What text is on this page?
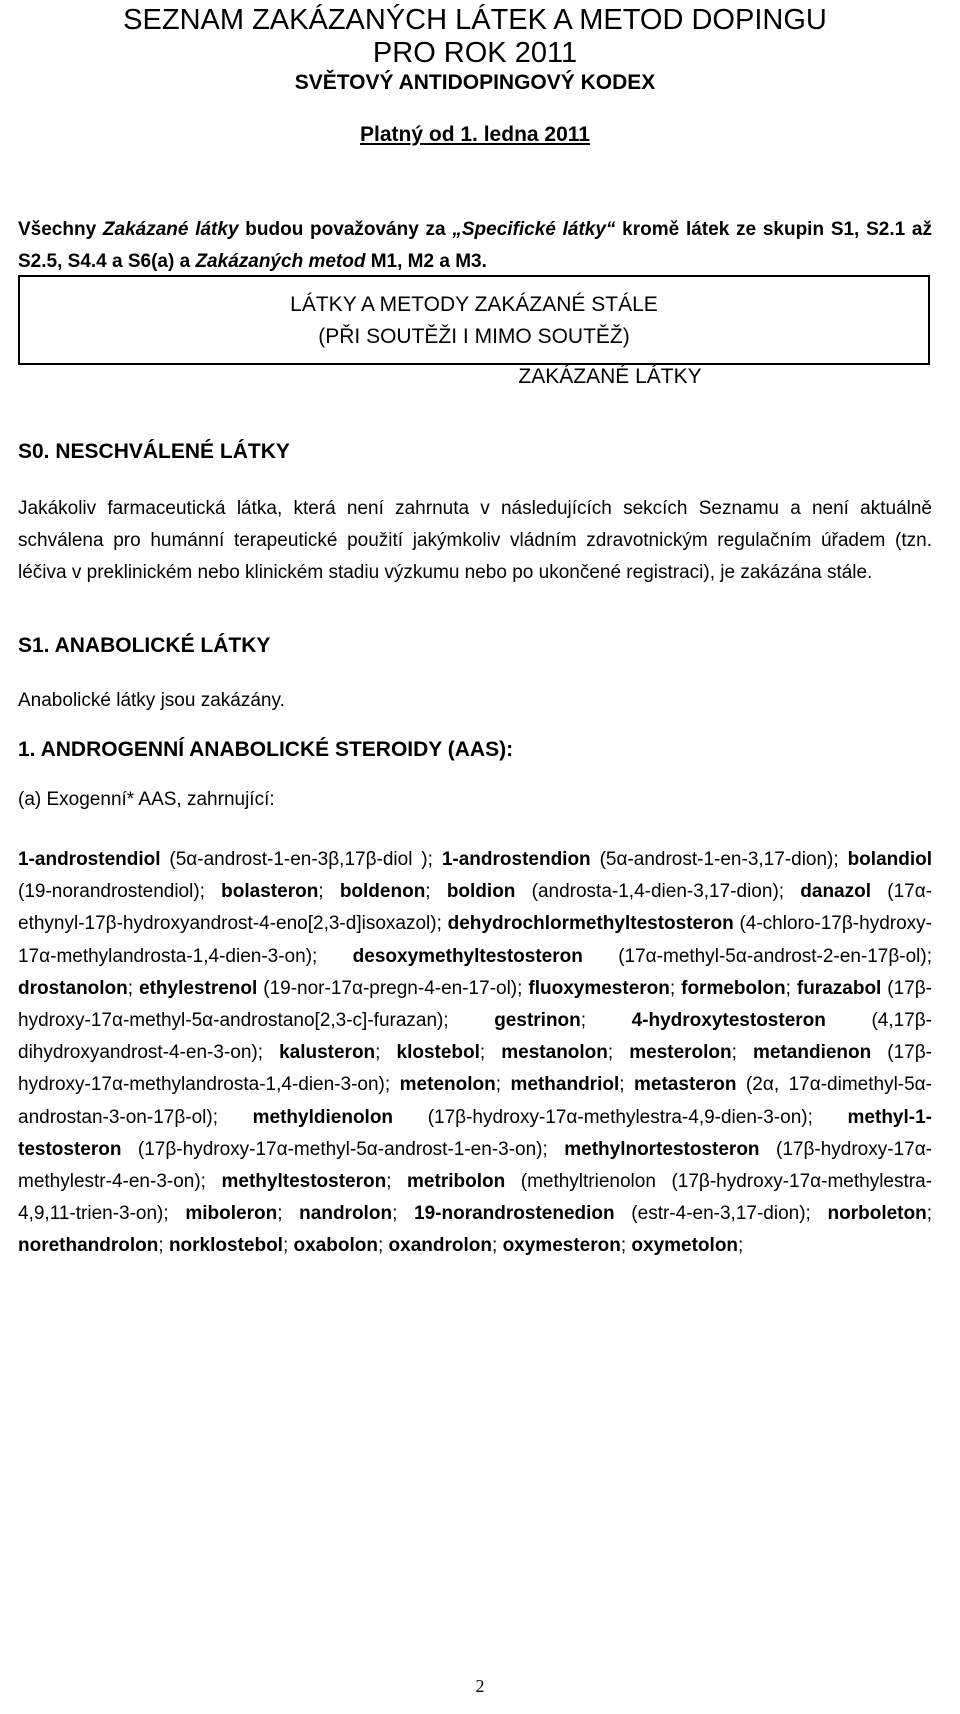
SEZNAM ZAKÁZANÝCH LÁTEK A METOD DOPINGU
PRO ROK 2011
SVĚTOVÝ ANTIDOPINGOVÝ KODEX
Platný od 1. ledna 2011
Všechny Zakázané látky budou považovány za „Specifické látky“ kromě látek ze skupin S1, S2.1 až S2.5, S4.4 a S6(a) a Zakázaných metod M1, M2 a M3.
LÁTKY A METODY ZAKÁZANÉ STÁLE
(PŘI SOUTĚŽI I MIMO SOUTĚŽ)
ZAKÁZANÉ LÁTKY
S0. NESCHVÁLENÉ LÁTKY
Jakákoliv farmaceutická látka, která není zahrnuta v následujících sekcích Seznamu a není aktuálně schválena pro humánní terapeutické použití jakýmkoliv vládním zdravotnickým regulačním úřadem (tzn. léčiva v preklinickém nebo klinickém stadiu výzkumu nebo po ukončené registraci), je zakázána stále.
S1. ANABOLICKÉ LÁTKY
Anabolické látky jsou zakázány.
1. ANDROGENNÍ ANABOLICKÉ STEROIDY (AAS):
(a) Exogenní* AAS, zahrnující:
1-androstendiol (5α-androst-1-en-3β,17β-diol ); 1-androstendion (5α-androst-1-en-3,17-dion); bolandiol (19-norandrostendiol); bolasteron; boldenon; boldion (androsta-1,4-dien-3,17-dion); danazol (17α-ethynyl-17β-hydroxyandrost-4-eno[2,3-d]isoxazol); dehydrochlormethyltestosteron (4-chloro-17β-hydroxy-17α-methylandrosta-1,4-dien-3-on); desoxymethyltestosteron (17α-methyl-5α-androst-2-en-17β-ol); drostanolon; ethylestrenol (19-nor-17α-pregn-4-en-17-ol); fluoxymesteron; formebolon; furazabol (17β-hydroxy-17α-methyl-5α-androstano[2,3-c]-furazan); gestrinon; 4-hydroxytestosteron (4,17β-dihydroxyandrost-4-en-3-on); kalusteron; klostebol; mestanolon; mesterolon; metandienon (17β-hydroxy-17α-methylandrosta-1,4-dien-3-on); metenolon; methandriol; metasteron (2α, 17α-dimethyl-5α-androstan-3-on-17β-ol); methyldienolon (17β-hydroxy-17α-methylestra-4,9-dien-3-on); methyl-1-testosteron (17β-hydroxy-17α-methyl-5α-androst-1-en-3-on); methylnortestosteron (17β-hydroxy-17α-methylestr-4-en-3-on); methyltestosteron; metribolon (methyltrienolon (17β-hydroxy-17α-methylestra-4,9,11-trien-3-on); miboleron; nandrolon; 19-norandrostenedion (estr-4-en-3,17-dion); norboleton; norethandrolon; norklostebol; oxabolon; oxandrolon; oxymesteron; oxymetolon;
2
